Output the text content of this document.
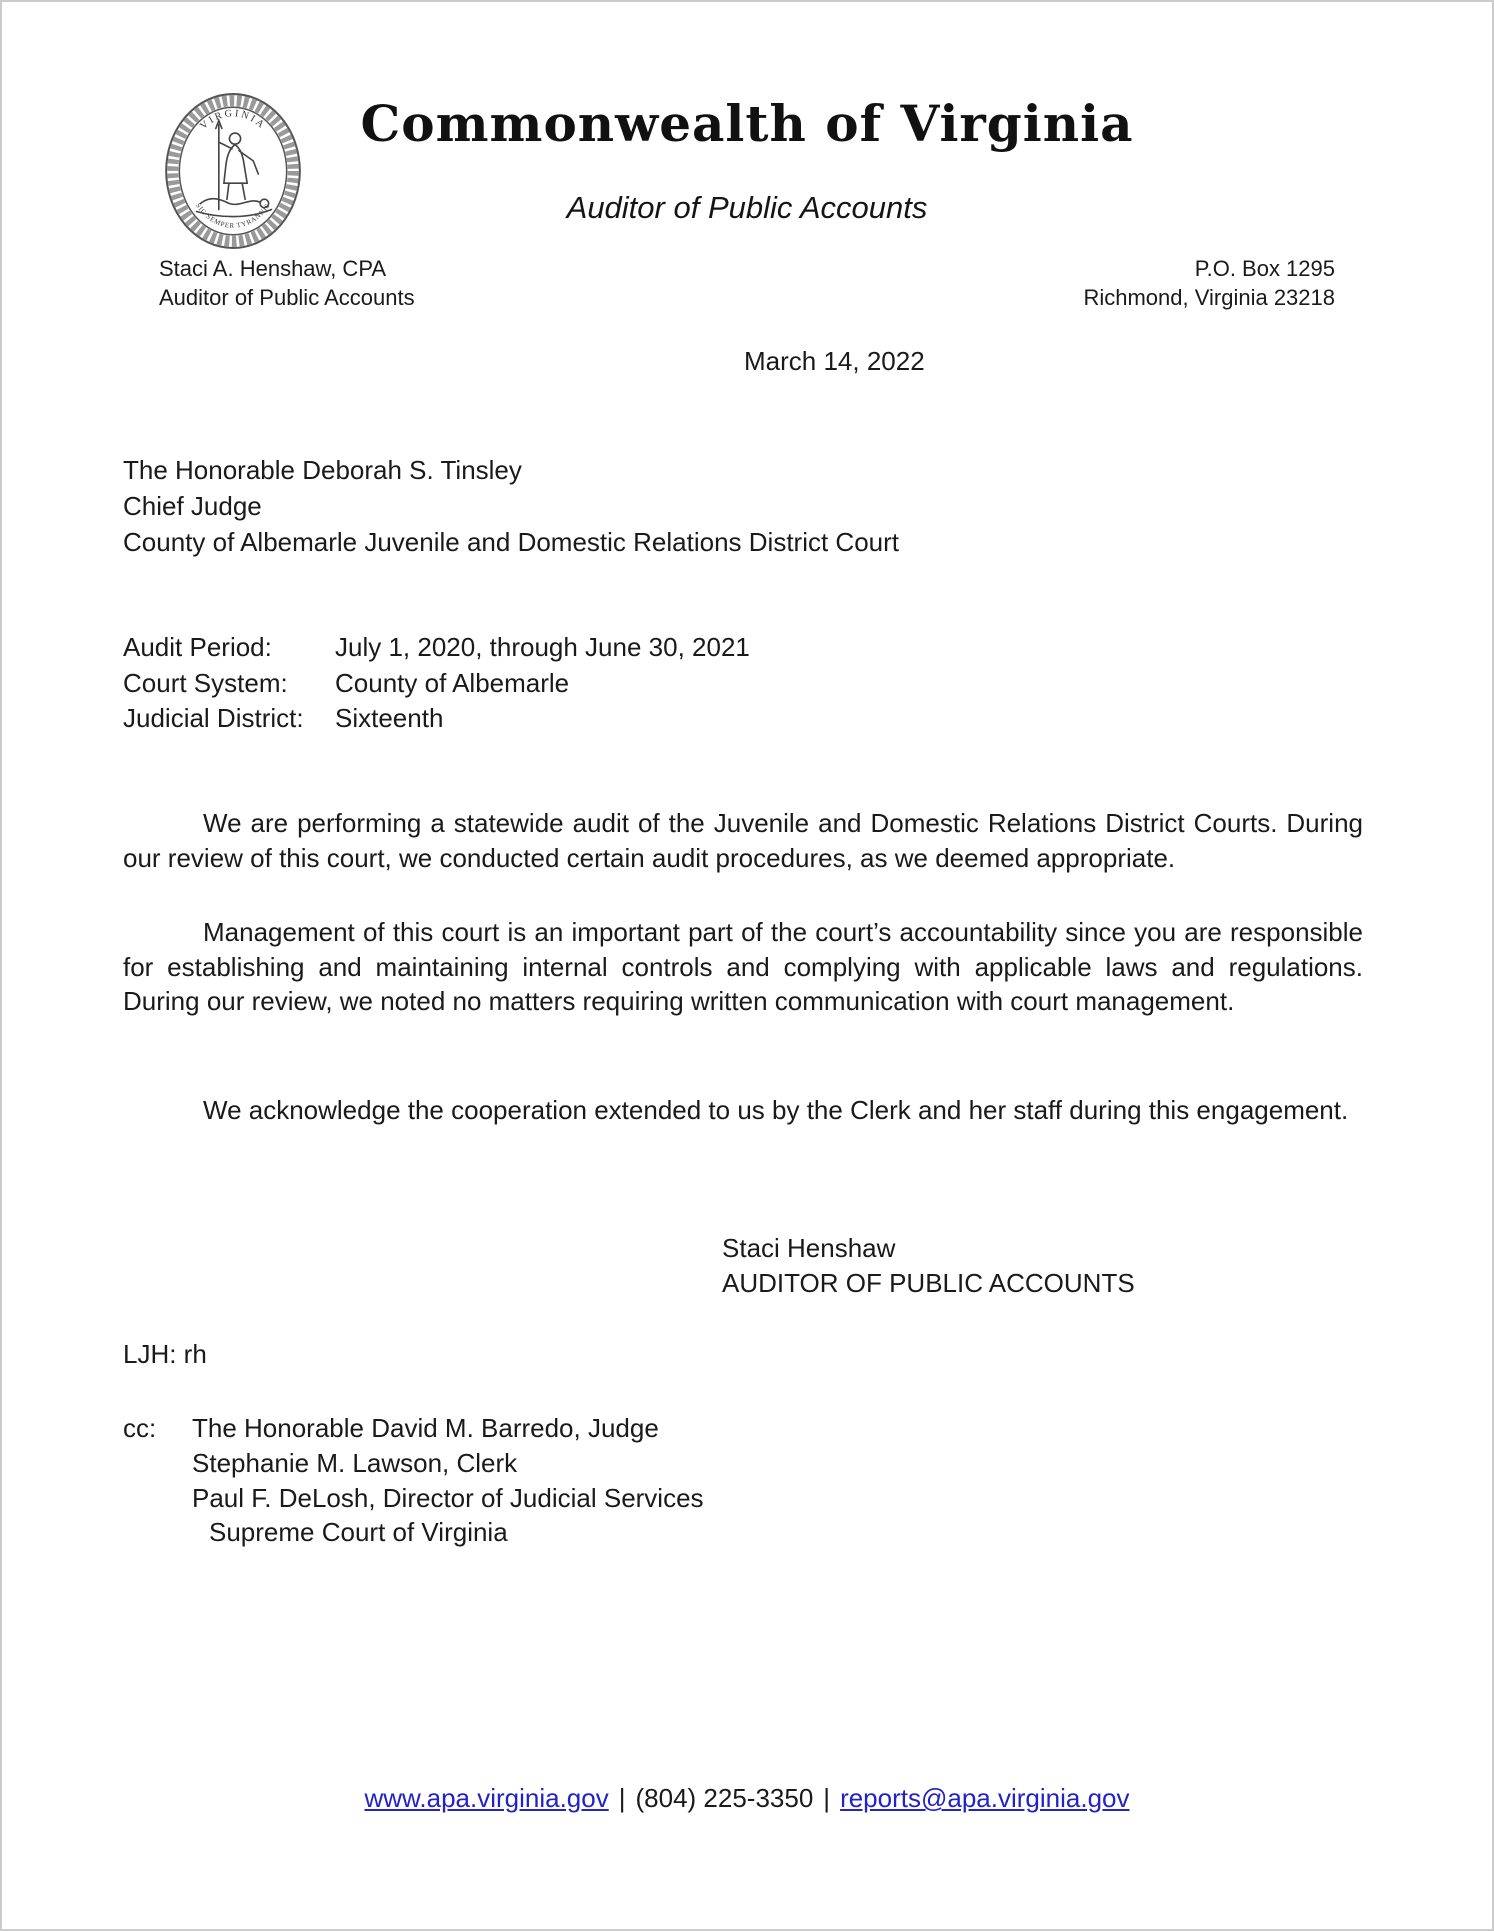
VIRGINIA
SIC SEMPER TYRANNIS
Commonwealth of Virginia
Auditor of Public Accounts
Staci A. Henshaw, CPA
Auditor of Public Accounts
P.O. Box 1295
Richmond, Virginia 23218
March 14, 2022
The Honorable Deborah S. Tinsley
Chief Judge
County of Albemarle Juvenile and Domestic Relations District Court
Audit Period:	July 1, 2020, through June 30, 2021
Court System:	County of Albemarle
Judicial District:	Sixteenth

We are performing a statewide audit of the Juvenile and Domestic Relations District Courts. During our review of this court, we conducted certain audit procedures, as we deemed appropriate.

Management of this court is an important part of the court’s accountability since you are responsible for establishing and maintaining internal controls and complying with applicable laws and regulations. During our review, we noted no matters requiring written communication with court management.

We acknowledge the cooperation extended to us by the Clerk and her staff during this engagement.

Staci Henshaw
AUDITOR OF PUBLIC ACCOUNTS
LJH: rh
cc:	The Honorable David M. Barredo, Judge
Stephanie M. Lawson, Clerk
Paul F. DeLosh, Director of Judicial Services
Supreme Court of Virginia
www.apa.virginia.gov | (804) 225-3350 | reports@apa.virginia.gov
